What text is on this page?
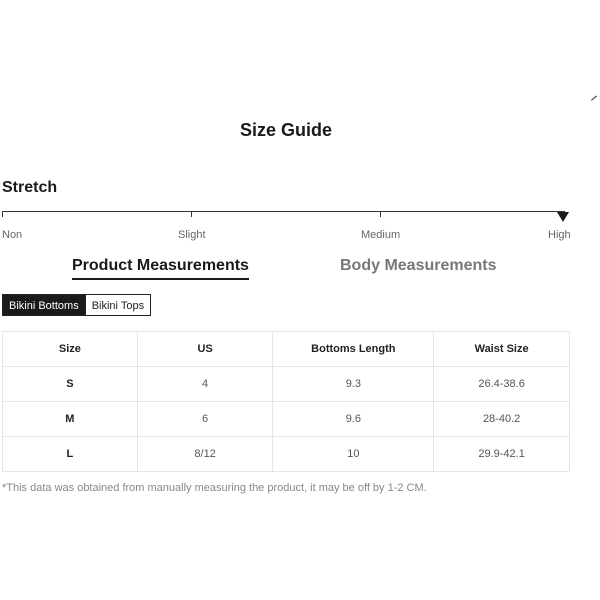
Size Guide
Stretch
Non	Slight	Medium	High
Product Measurements	Body Measurements
Bikini Bottoms	Bikini Tops
Size	US	Bottoms Length	Waist Size
S	4	9.3	26.4-38.6
M	6	9.6	28-40.2
L	8/12	10	29.9-42.1
*This data was obtained from manually measuring the product, it may be off by 1-2 CM.
